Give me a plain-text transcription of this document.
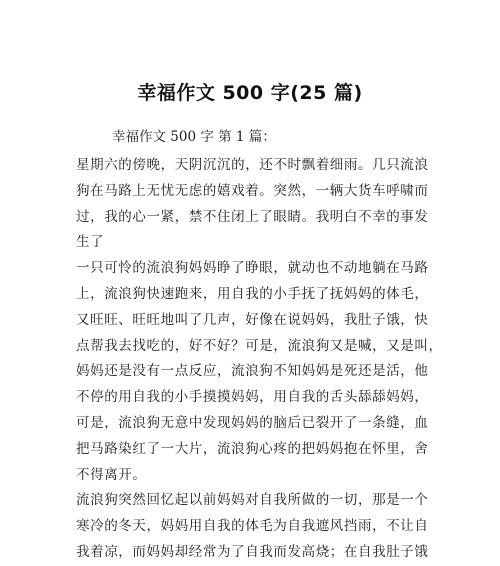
幸福作文 500 字(25 篇)
幸福作文 500 字 第 1 篇：
星期六的傍晚，天阴沉沉的，还不时飘着细雨。几只流浪
狗在马路上无忧无虑的嬉戏着。突然，一辆大货车呼啸而
过，我的心一紧，禁不住闭上了眼睛。我明白不幸的事发
生了
一只可怜的流浪狗妈妈睁了睁眼，就动也不动地躺在马路
上，流浪狗快速跑来，用自我的小手抚了抚妈妈的体毛，
又旺旺、旺旺地叫了几声，好像在说妈妈，我肚子饿，快
点帮我去找吃的，好不好？可是，流浪狗又是喊，又是叫，
妈妈还是没有一点反应，流浪狗不知妈妈是死还是活，他
不停的用自我的小手摸摸妈妈，用自我的舌头舔舔妈妈，
可是，流浪狗无意中发现妈妈的脑后已裂开了一条缝，血
把马路染红了一大片，流浪狗心疼的把妈妈抱在怀里，舍
不得离开。
流浪狗突然回忆起以前妈妈对自我所做的一切，那是一个
寒冷的冬天，妈妈用自我的体毛为自我遮风挡雨，不让自
我着凉，而妈妈却经常为了自我而发高烧；在自我肚子饿
